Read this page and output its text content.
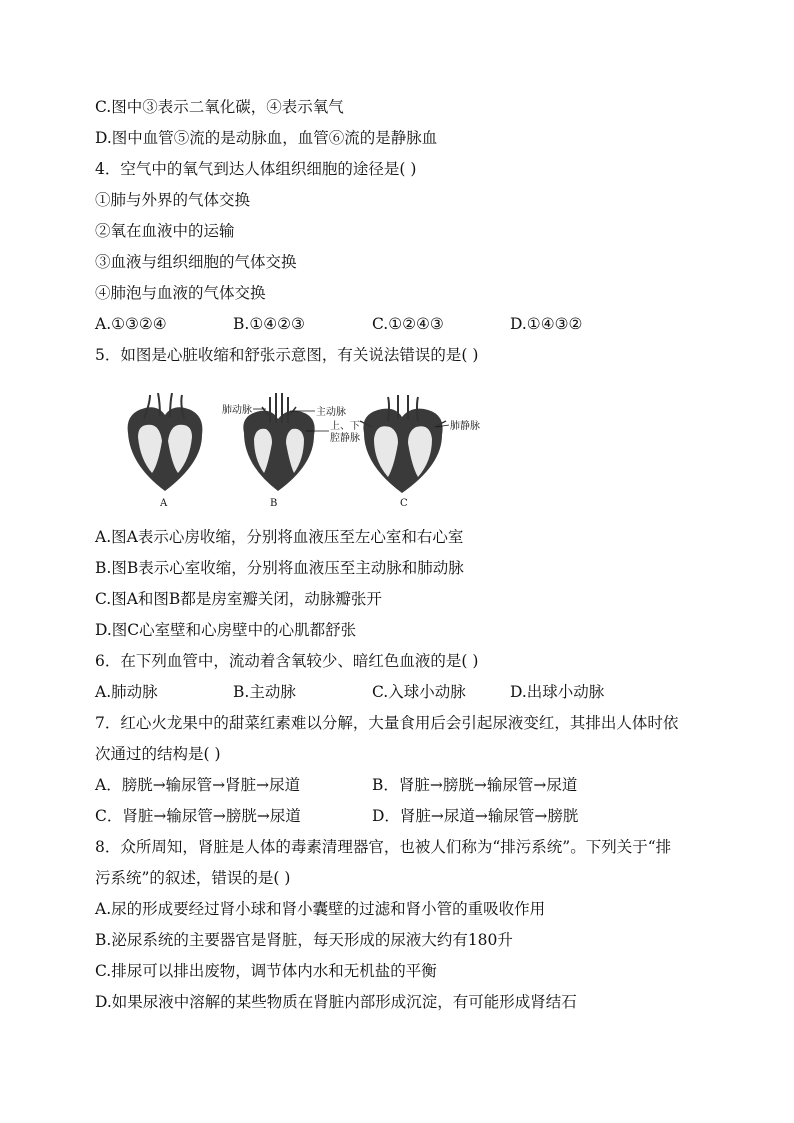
C.图中③表示二氧化碳，④表示氧气
D.图中血管⑤流的是动脉血，血管⑥流的是静脉血
4．空气中的氧气到达人体组织细胞的途径是( )
①肺与外界的气体交换
②氧在血液中的运输
③血液与组织细胞的气体交换
④肺泡与血液的气体交换
A.①③②④	B.①④②③	C.①②④③	D.①④③②
5．如图是心脏收缩和舒张示意图，有关说法错误的是( )
A	B
肺动脉	主动脉
上、下
腔静脉
C
肺静脉
A.图A表示心房收缩，分别将血液压至左心室和右心室
B.图B表示心室收缩，分别将血液压至主动脉和肺动脉
C.图A和图B都是房室瓣关闭，动脉瓣张开
D.图C心室壁和心房壁中的心肌都舒张
6．在下列血管中，流动着含氧较少、暗红色血液的是( )
A.肺动脉	B.主动脉	C.入球小动脉	D.出球小动脉
7．红心火龙果中的甜菜红素难以分解，大量食用后会引起尿液变红，其排出人体时依
次通过的结构是( )
A．膀胱→输尿管→肾脏→尿道	B．肾脏→膀胱→输尿管→尿道
C．肾脏→输尿管→膀胱→尿道	D．肾脏→尿道→输尿管→膀胱
8．众所周知，肾脏是人体的毒素清理器官，也被人们称为“排污系统”。下列关于“排
污系统”的叙述，错误的是( )
A.尿的形成要经过肾小球和肾小囊壁的过滤和肾小管的重吸收作用
B.泌尿系统的主要器官是肾脏，每天形成的尿液大约有180升
C.排尿可以排出废物，调节体内水和无机盐的平衡
D.如果尿液中溶解的某些物质在肾脏内部形成沉淀，有可能形成肾结石
